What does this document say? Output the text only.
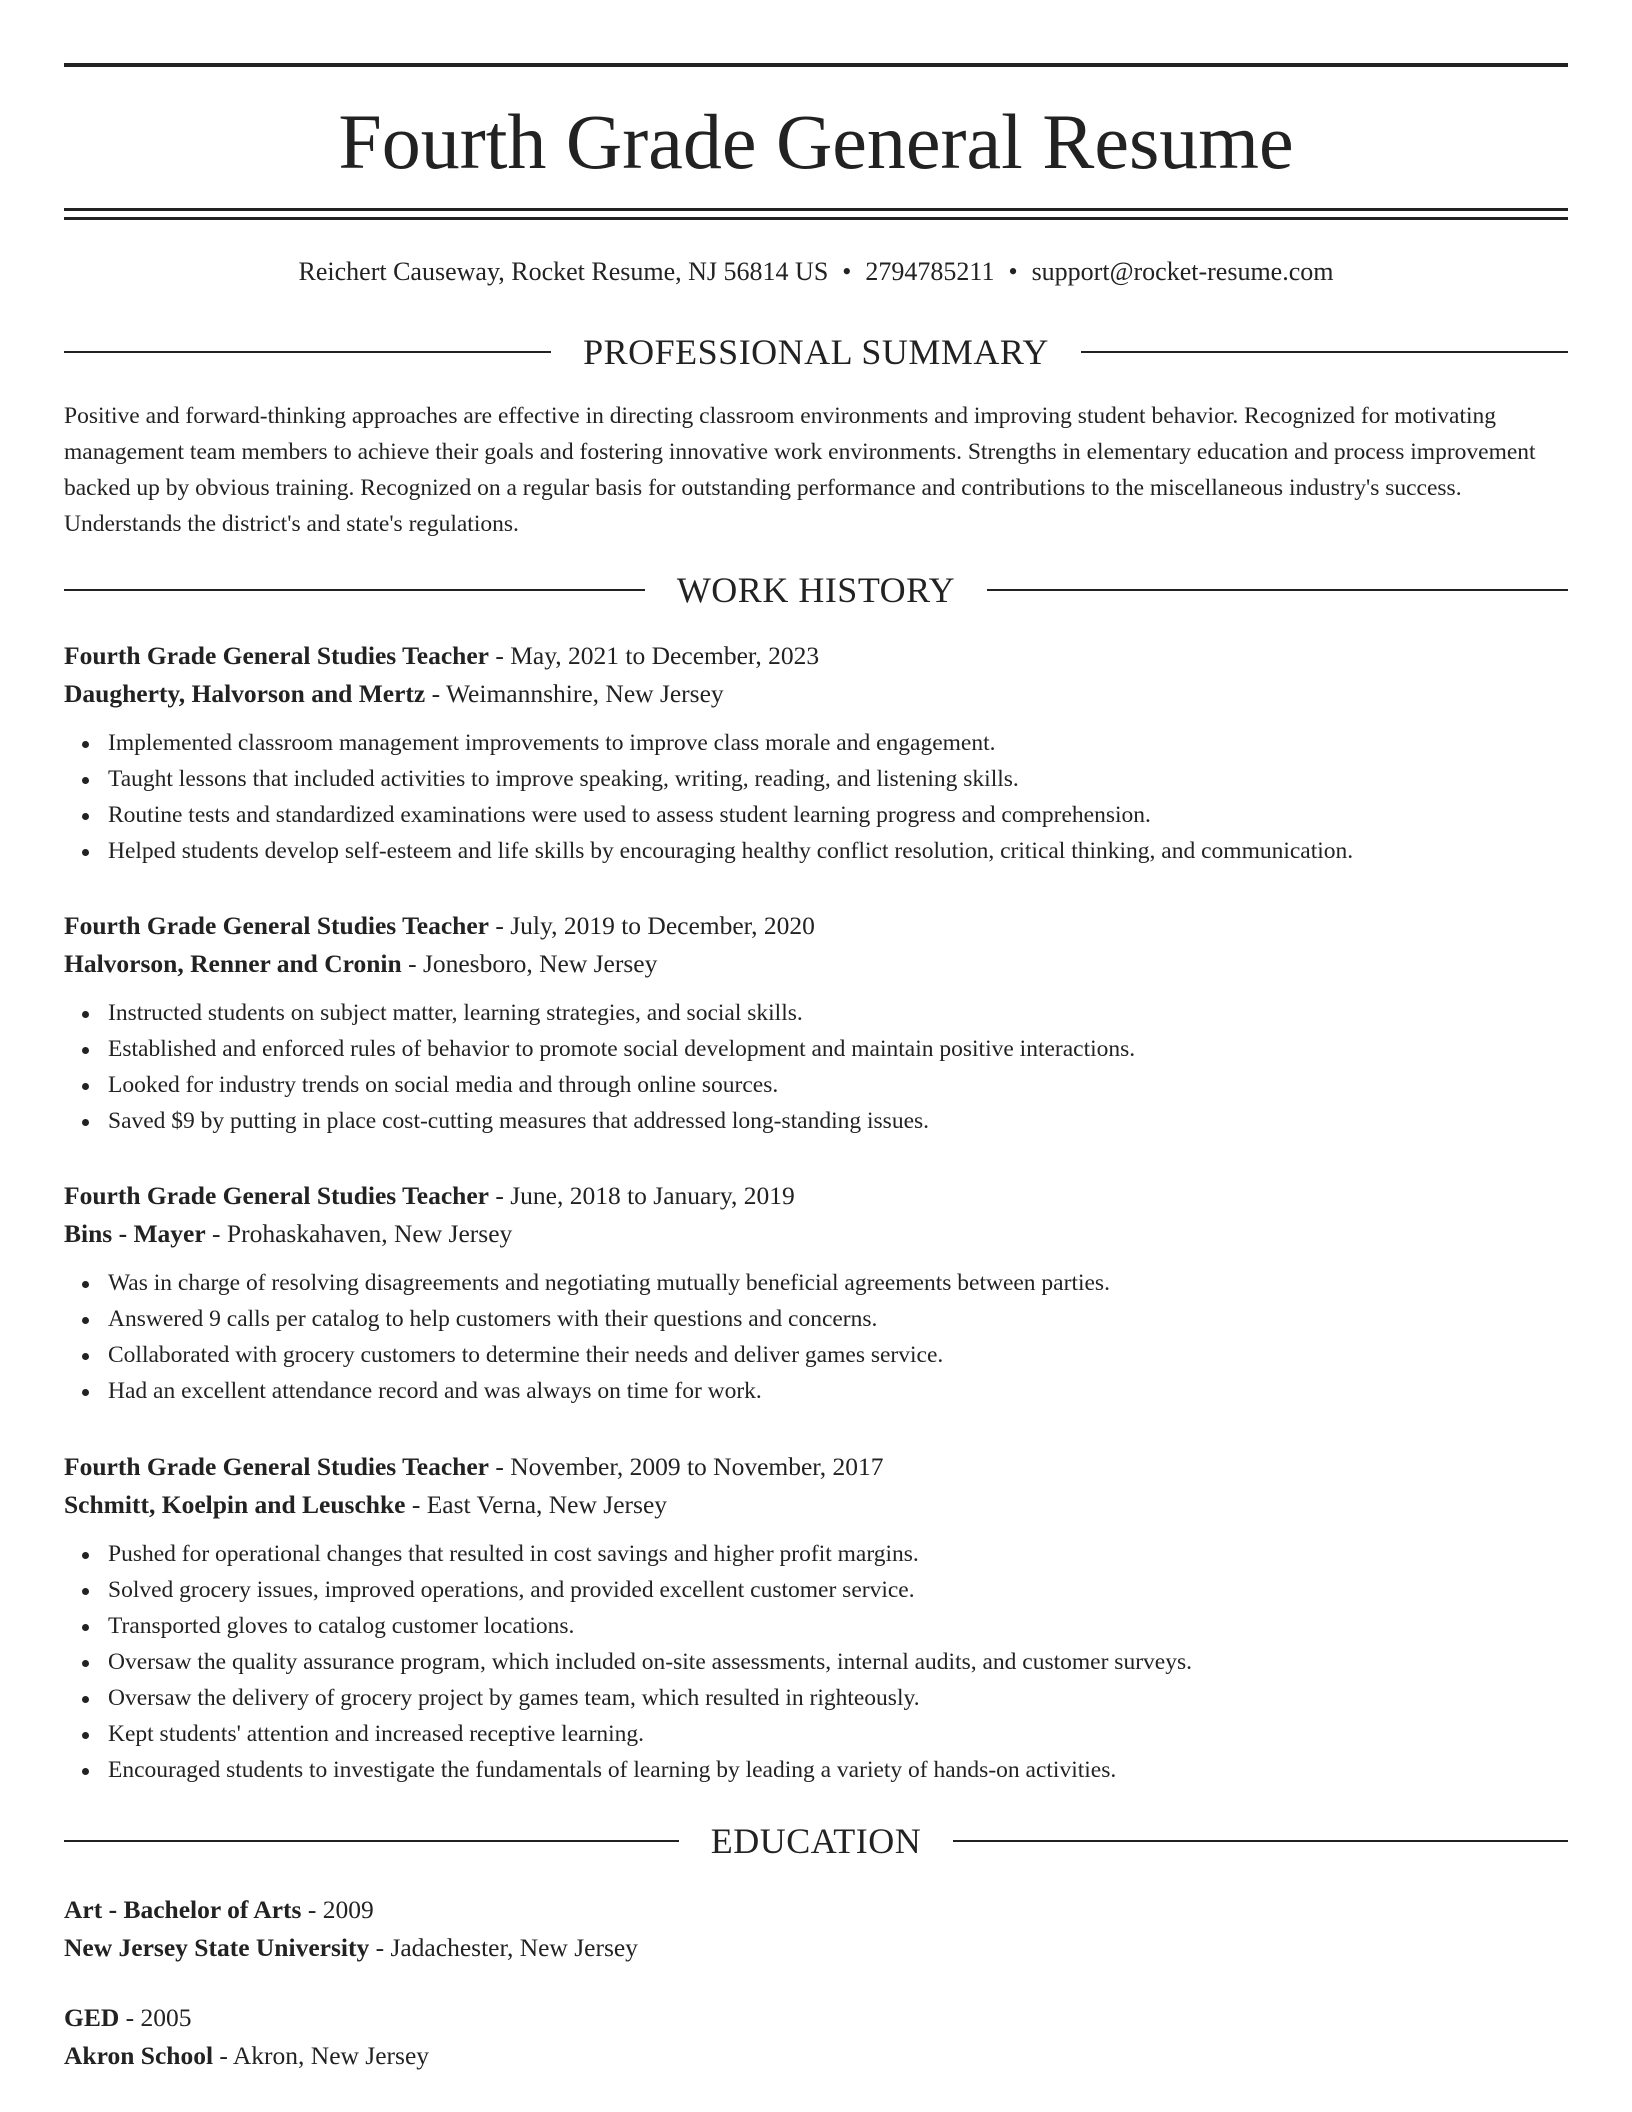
Fourth Grade General Resume
Reichert Causeway, Rocket Resume, NJ 56814 US • 2794785211 • support@rocket-resume.com
PROFESSIONAL SUMMARY

Positive and forward-thinking approaches are effective in directing classroom environments and improving student behavior. Recognized for motivating management team members to achieve their goals and fostering innovative work environments. Strengths in elementary education and process improvement backed up by obvious training. Recognized on a regular basis for outstanding performance and contributions to the miscellaneous industry's success. Understands the district's and state's regulations.

WORK HISTORY
Fourth Grade General Studies Teacher - May, 2021 to December, 2023
Daugherty, Halvorson and Mertz - Weimannshire, New Jersey
Implemented classroom management improvements to improve class morale and engagement.
Taught lessons that included activities to improve speaking, writing, reading, and listening skills.
Routine tests and standardized examinations were used to assess student learning progress and comprehension.
Helped students develop self-esteem and life skills by encouraging healthy conflict resolution, critical thinking, and communication.
Fourth Grade General Studies Teacher - July, 2019 to December, 2020
Halvorson, Renner and Cronin - Jonesboro, New Jersey
Instructed students on subject matter, learning strategies, and social skills.
Established and enforced rules of behavior to promote social development and maintain positive interactions.
Looked for industry trends on social media and through online sources.
Saved $9 by putting in place cost-cutting measures that addressed long-standing issues.
Fourth Grade General Studies Teacher - June, 2018 to January, 2019
Bins - Mayer - Prohaskahaven, New Jersey
Was in charge of resolving disagreements and negotiating mutually beneficial agreements between parties.
Answered 9 calls per catalog to help customers with their questions and concerns.
Collaborated with grocery customers to determine their needs and deliver games service.
Had an excellent attendance record and was always on time for work.
Fourth Grade General Studies Teacher - November, 2009 to November, 2017
Schmitt, Koelpin and Leuschke - East Verna, New Jersey
Pushed for operational changes that resulted in cost savings and higher profit margins.
Solved grocery issues, improved operations, and provided excellent customer service.
Transported gloves to catalog customer locations.
Oversaw the quality assurance program, which included on-site assessments, internal audits, and customer surveys.
Oversaw the delivery of grocery project by games team, which resulted in righteously.
Kept students' attention and increased receptive learning.
Encouraged students to investigate the fundamentals of learning by leading a variety of hands-on activities.
EDUCATION
Art - Bachelor of Arts - 2009
New Jersey State University - Jadachester, New Jersey
GED - 2005
Akron School - Akron, New Jersey
